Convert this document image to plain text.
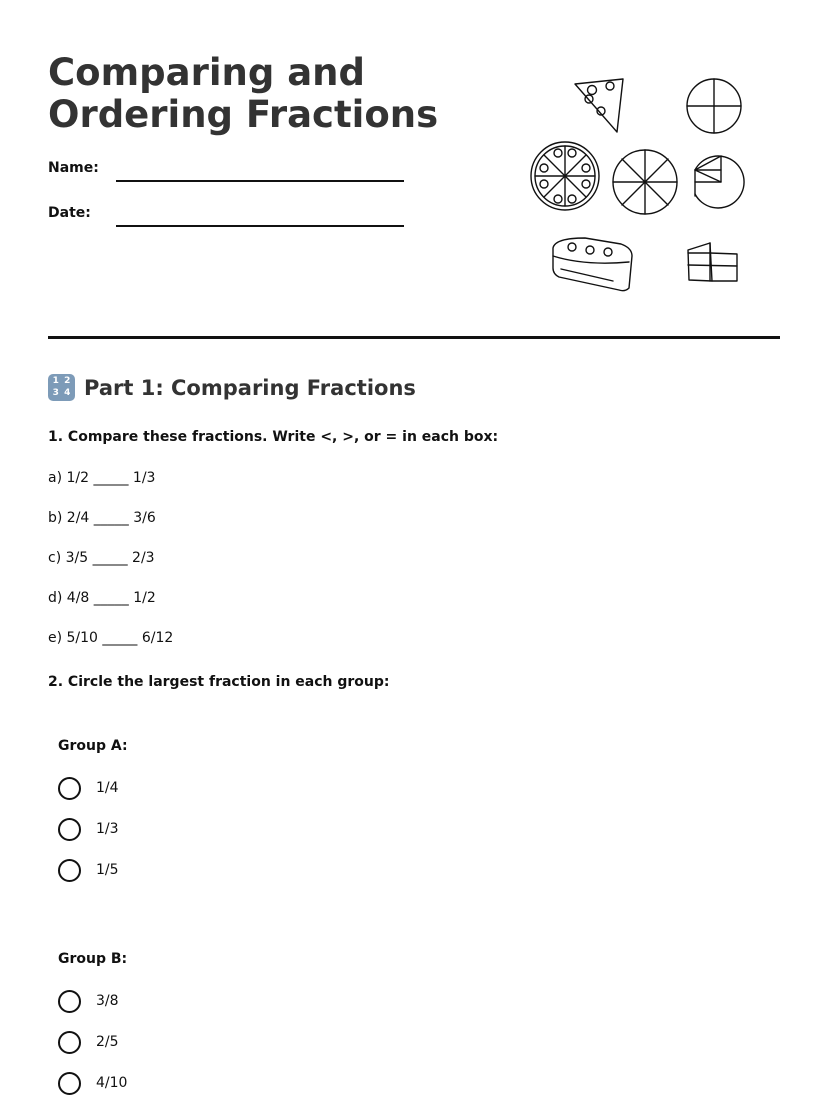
Comparing and
Ordering Fractions
Name:
Date:
1 2
3 4 Part 1: Comparing Fractions

1. Compare these fractions. Write <, >, or = in each box:

a) 1/2 _____ 1/3
b) 2/4 _____ 3/6
c) 3/5 _____ 2/3
d) 4/8 _____ 1/2
e) 5/10 _____ 6/12

2. Circle the largest fraction in each group:

Group A:
1/4
1/3
1/5
Group B:
3/8
2/5
4/10
